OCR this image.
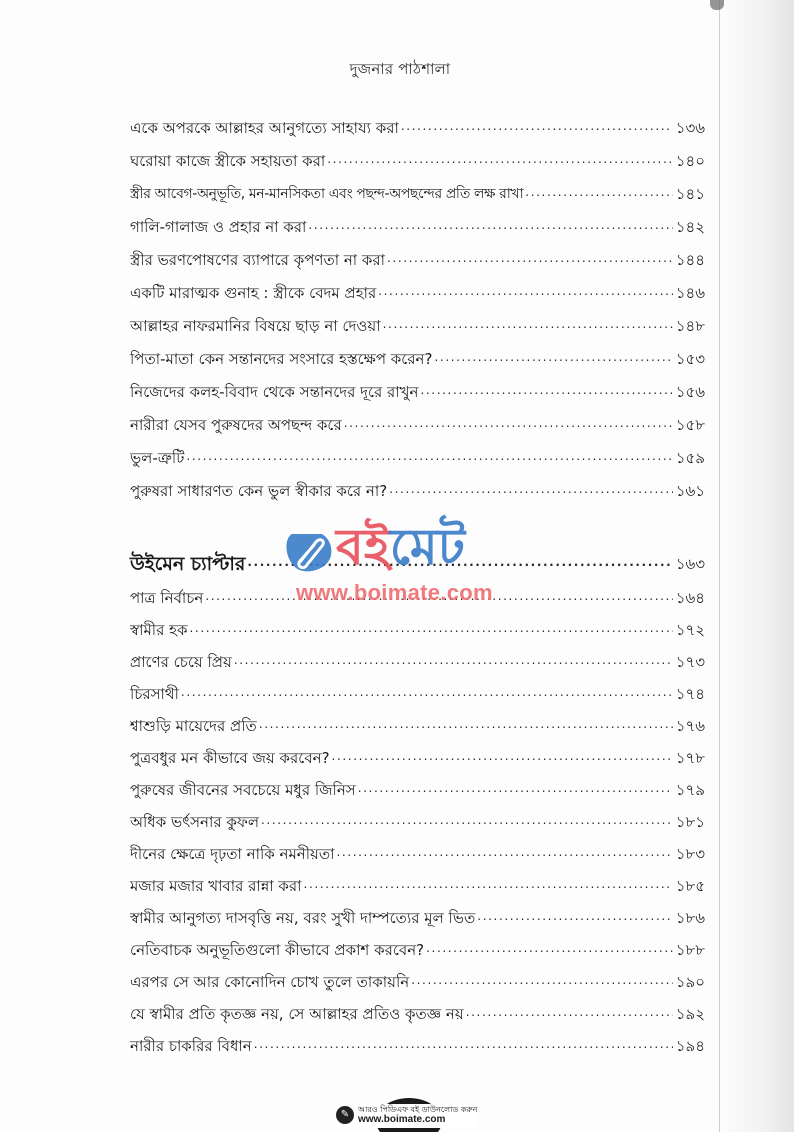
দুজনার পাঠশালা
একে অপরকে আল্লাহর আনুগত্যে সাহায্য করা .....	১৩৬
ঘরোয়া কাজে স্ত্রীকে সহায়তা করা .....	১৪০
স্ত্রীর আবেগ-অনুভূতি, মন-মানসিকতা এবং পছন্দ-অপছন্দের প্রতি লক্ষ রাখা .....	১৪১
গালি-গালাজ ও প্রহার না করা .....	১৪২
স্ত্রীর ভরণপোষণের ব্যাপারে কৃপণতা না করা .....	১৪৪
একটি মারাত্মক গুনাহ : স্ত্রীকে বেদম প্রহার .....	১৪৬
আল্লাহর নাফরমানির বিষয়ে ছাড় না দেওয়া .....	১৪৮
পিতা-মাতা কেন সন্তানদের সংসারে হস্তক্ষেপ করেন? .....	১৫৩
নিজেদের কলহ-বিবাদ থেকে সন্তানদের দূরে রাখুন .....	১৫৬
নারীরা যেসব পুরুষদের অপছন্দ করে .....	১৫৮
ভুল-ত্রুটি .....	১৫৯
পুরুষরা সাধারণত কেন ভুল স্বীকার করে না? .....	১৬১
উইমেন চ্যাপ্টার .....	১৬৩
পাত্র নির্বাচন .....	১৬৪
স্বামীর হক .....	১৭২
প্রাণের চেয়ে প্রিয় .....	১৭৩
চিরসাথী .....	১৭৪
শ্বাশুড়ি মায়েদের প্রতি .....	১৭৬
পুত্রবধুর মন কীভাবে জয় করবেন? .....	১৭৮
পুরুষের জীবনের সবচেয়ে মধুর জিনিস .....	১৭৯
অধিক ভর্ৎসনার কুফল .....	১৮১
দীনের ক্ষেত্রে দৃঢ়তা নাকি নমনীয়তা .....	১৮৩
মজার মজার খাবার রান্না করা .....	১৮৫
স্বামীর আনুগত্য দাসবৃত্তি নয়, বরং সুখী দাম্পত্যের মূল ভিত .....	১৮৬
নেতিবাচক অনুভূতিগুলো কীভাবে প্রকাশ করবেন? .....	১৮৮
এরপর সে আর কোনোদিন চোখ তুলে তাকায়নি .....	১৯০
যে স্বামীর প্রতি কৃতজ্ঞ নয়, সে আল্লাহর প্রতিও কৃতজ্ঞ নয় .....	১৯২
নারীর চাকরির বিধান .....	১৯৪
বইমেট
www.boimate.com
✎	আরও পিডিএফ বই ডাউনলোড করুন
www.boimate.com
